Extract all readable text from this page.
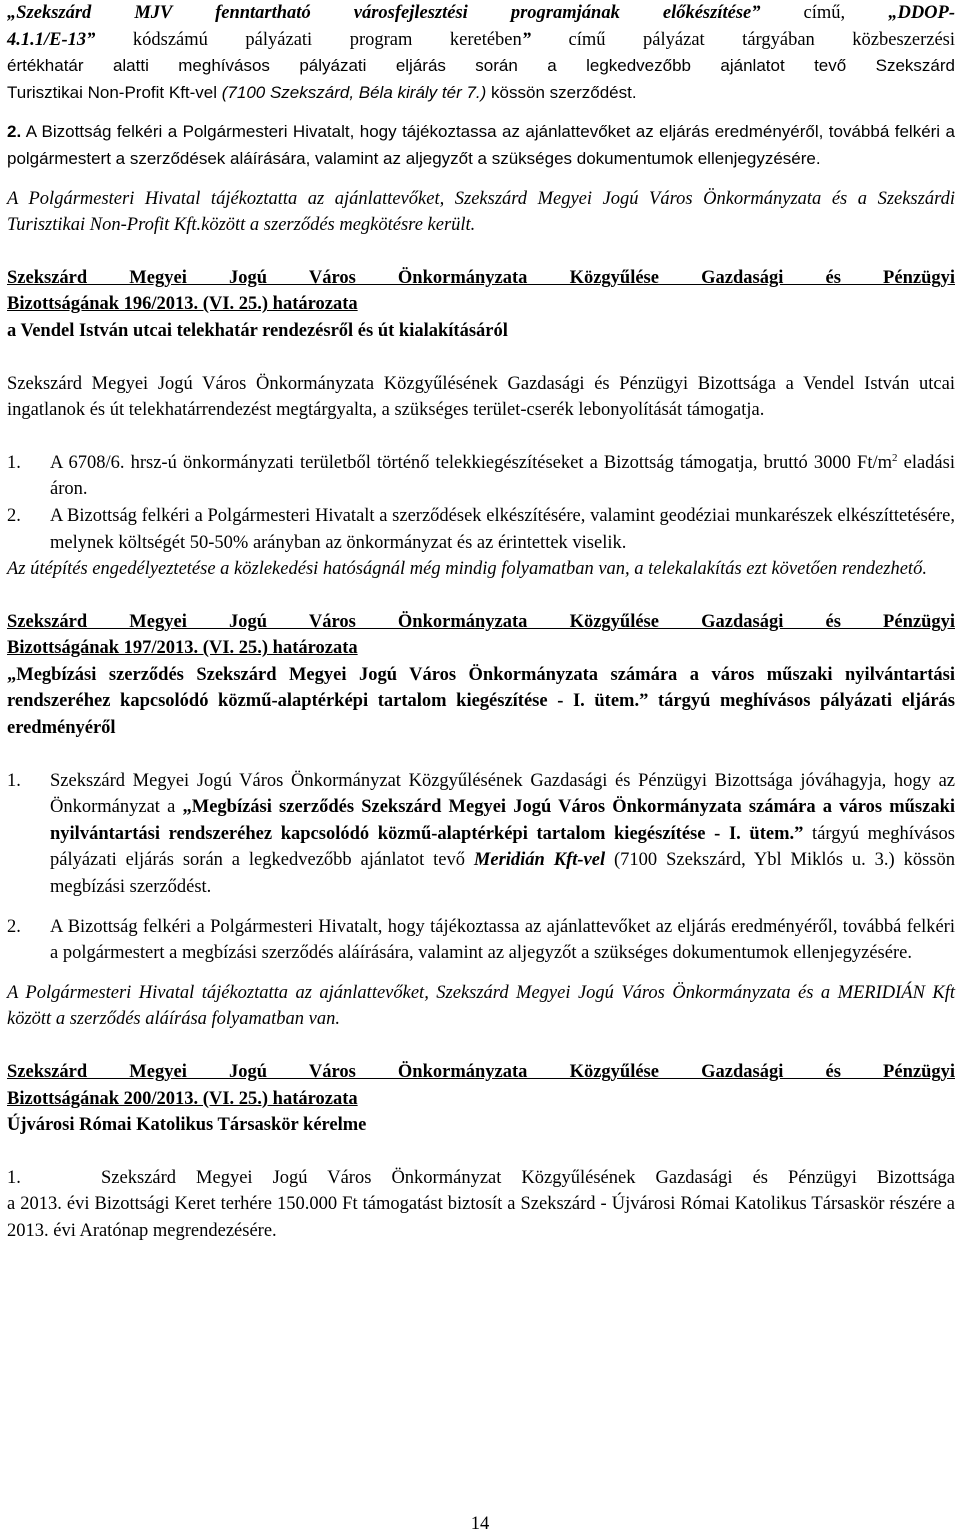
„Szekszárd MJV fenntartható városfejlesztési programjának előkészítése” című, „DDOP-

4.1.1/E-13” kódszámú pályázati program keretében” című pályázat tárgyában közbeszerzési

értékhatár alatti meghívásos pályázati eljárás során a legkedvezőbb ajánlatot tevő Szekszárd

Turisztikai Non-Profit Kft-vel (7100 Szekszárd, Béla király tér 7.) kössön szerződést.

2. A Bizottság felkéri a Polgármesteri Hivatalt, hogy tájékoztassa az ajánlattevőket az eljárás eredményéről, továbbá felkéri a polgármestert a szerződések aláírására, valamint az aljegyzőt a szükséges dokumentumok ellenjegyzésére.

A Polgármesteri Hivatal tájékoztatta az ajánlattevőket, Szekszárd Megyei Jogú Város Önkormányzata és a Szekszárdi Turisztikai Non-Profit Kft.között a szerződés megkötésre került.

Szekszárd Megyei Jogú Város Önkormányzata Közgyűlése Gazdasági és Pénzügyi

Bizottságának 196/2013. (VI. 25.) határozata

a Vendel István utcai telekhatár rendezésről és út kialakításáról

Szekszárd Megyei Jogú Város Önkormányzata Közgyűlésének Gazdasági és Pénzügyi Bizottsága a Vendel István utcai ingatlanok és út telekhatárrendezést megtárgyalta, a szükséges terület-cserék lebonyolítását támogatja.

1. A 6708/6. hrsz-ú önkormányzati területből történő telekkiegészítéseket a Bizottság támogatja, bruttó 3000 $Ft/m^2$ eladási áron.

2. A Bizottság felkéri a Polgármesteri Hivatalt a szerződések elkészítésére, valamint geodéziai munkarészek elkészíttetésére, melynek költségét 50-50% arányban az önkormányzat és az érintettek viselik.

Az útépítés engedélyeztetése a közlekedési hatóságnál még mindig folyamatban van, a telekalakítás ezt követően rendezhető.

Szekszárd Megyei Jogú Város Önkormányzata Közgyűlése Gazdasági és Pénzügyi

Bizottságának 197/2013. (VI. 25.) határozata

„Megbízási szerződés Szekszárd Megyei Jogú Város Önkormányzata számára a város műszaki nyilvántartási rendszeréhez kapcsolódó közmű-alaptérképi tartalom kiegészítése - I. ütem.” tárgyú meghívásos pályázati eljárás eredményéről

1. Szekszárd Megyei Jogú Város Önkormányzat Közgyűlésének Gazdasági és Pénzügyi Bizottsága jóváhagyja, hogy az Önkormányzat a „Megbízási szerződés Szekszárd Megyei Jogú Város Önkormányzata számára a város műszaki nyilvántartási rendszeréhez kapcsolódó közmű-alaptérképi tartalom kiegészítése - I. ütem.” tárgyú meghívásos pályázati eljárás során a legkedvezőbb ajánlatot tevő Meridián Kft-vel (7100 Szekszárd, Ybl Miklós u. 3.) kössön megbízási szerződést.

2. A Bizottság felkéri a Polgármesteri Hivatalt, hogy tájékoztassa az ajánlattevőket az eljárás eredményéről, továbbá felkéri a polgármestert a megbízási szerződés aláírására, valamint az aljegyzőt a szükséges dokumentumok ellenjegyzésére.

A Polgármesteri Hivatal tájékoztatta az ajánlattevőket, Szekszárd Megyei Jogú Város Önkormányzata és a MERIDIÁN Kft között a szerződés aláírása folyamatban van.

Szekszárd Megyei Jogú Város Önkormányzata Közgyűlése Gazdasági és Pénzügyi

Bizottságának 200/2013. (VI. 25.) határozata

Újvárosi Római Katolikus Társaskör kérelme

1.	Szekszárd Megyei Jogú Város Önkormányzat Közgyűlésének Gazdasági és Pénzügyi Bizottsága

a 2013. évi Bizottsági Keret terhére 150.000 Ft támogatást biztosít a Szekszárd - Újvárosi Római Katolikus Társaskör részére a 2013. évi Aratónap megrendezésére.

14
